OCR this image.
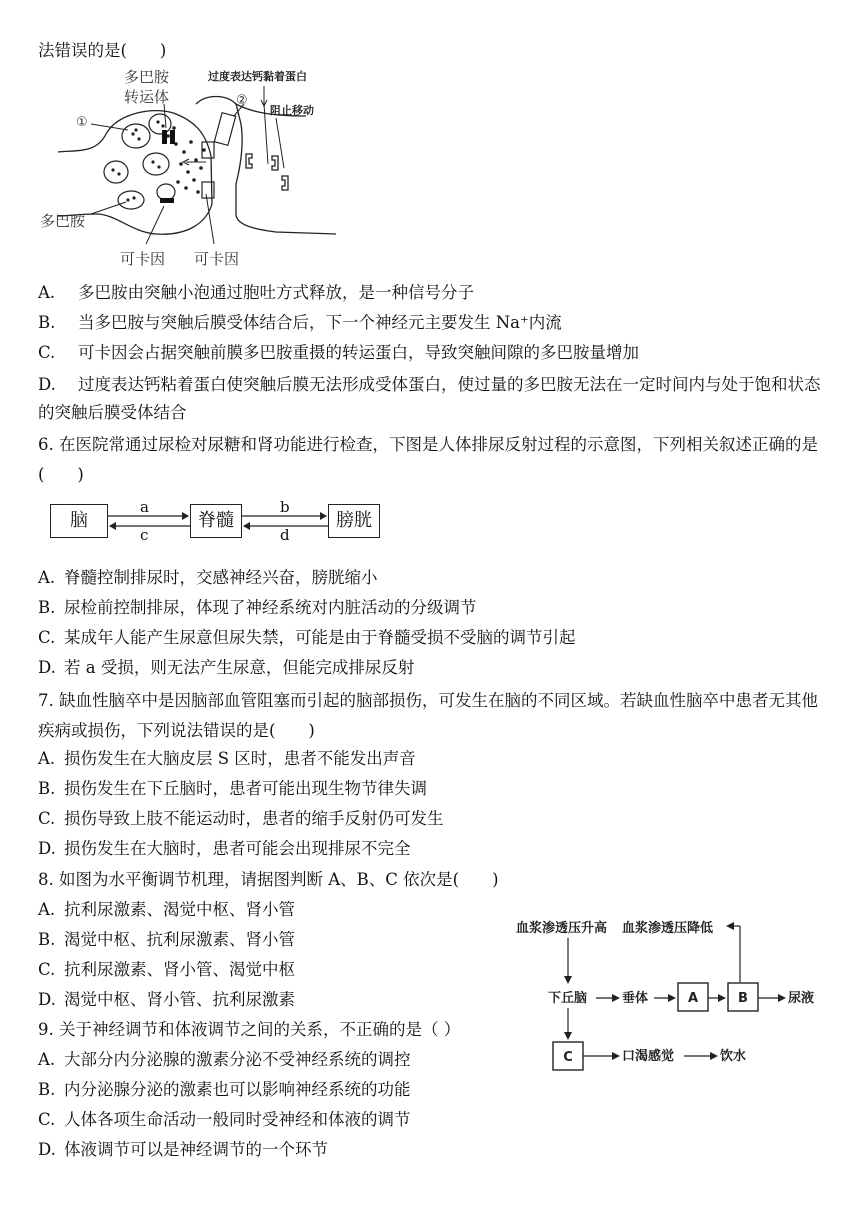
法错误的是(　　)
多巴胺
转运体
①
②
过度表达钙黏着蛋白
阻止移动
多巴胺
可卡因 可卡因
A. 多巴胺由突触小泡通过胞吐方式释放，是一种信号分子
B. 当多巴胺与突触后膜受体结合后，下一个神经元主要发生 Na⁺内流
C. 可卡因会占据突触前膜多巴胺重摄的转运蛋白，导致突触间隙的多巴胺量增加
D. 过度表达钙粘着蛋白使突触后膜无法形成受体蛋白，使过量的多巴胺无法在一定时间内与处于饱和状态的突触后膜受体结合
6. 在医院常通过尿检对尿糖和肾功能进行检查，下图是人体排尿反射过程的示意图，下列相关叙述正确的是(　　)
脑	脊髓	膀胱
a
c
b
d
A. 脊髓控制排尿时，交感神经兴奋，膀胱缩小
B. 尿检前控制排尿，体现了神经系统对内脏活动的分级调节
C. 某成年人能产生尿意但尿失禁，可能是由于脊髓受损不受脑的调节引起
D. 若 a 受损，则无法产生尿意，但能完成排尿反射
7. 缺血性脑卒中是因脑部血管阻塞而引起的脑部损伤，可发生在脑的不同区域。若缺血性脑卒中患者无其他疾病或损伤，下列说法错误的是(　　)
A. 损伤发生在大脑皮层 S 区时，患者不能发出声音
B. 损伤发生在下丘脑时，患者可能出现生物节律失调
C. 损伤导致上肢不能运动时，患者的缩手反射仍可发生
D. 损伤发生在大脑时，患者可能会出现排尿不完全
8. 如图为水平衡调节机理，请据图判断 A、B、C 依次是(　　)
A. 抗利尿激素、渴觉中枢、肾小管
B. 渴觉中枢、抗利尿激素、肾小管
C. 抗利尿激素、肾小管、渴觉中枢
D. 渴觉中枢、肾小管、抗利尿激素
血浆渗透压升高 血浆渗透压降低
下丘脑	垂体	A	B	尿液
C	口渴感觉	饮水
9. 关于神经调节和体液调节之间的关系，不正确的是（ ）
A. 大部分内分泌腺的激素分泌不受神经系统的调控
B. 内分泌腺分泌的激素也可以影响神经系统的功能
C. 人体各项生命活动一般同时受神经和体液的调节
D. 体液调节可以是神经调节的一个环节
